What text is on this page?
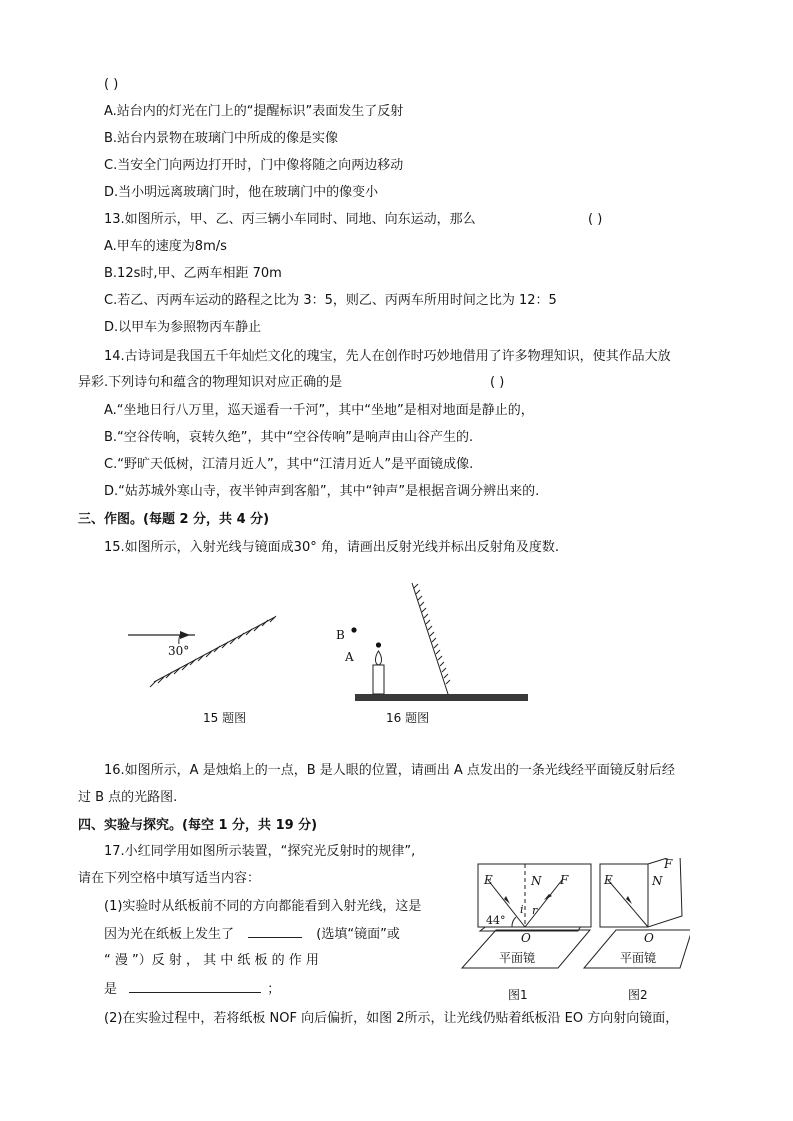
( )
A.站台内的灯光在门上的“提醒标识”表面发生了反射
B.站台内景物在玻璃门中所成的像是实像
C.当安全门向两边打开时，门中像将随之向两边移动
D.当小明远离玻璃门时，他在玻璃门中的像变小
13.如图所示，甲、乙、丙三辆小车同时、同地、向东运动，那么	( )
A.甲车的速度为8m/s
B.12s时,甲、乙两车相距 70m
C.若乙、丙两车运动的路程之比为 3：5，则乙、丙两车所用时间之比为 12：5
D.以甲车为参照物丙车静止
14.古诗词是我国五千年灿烂文化的瑰宝，先人在创作时巧妙地借用了许多物理知识，使其作品大放
异彩.下列诗句和蕴含的物理知识对应正确的是	( )
A.“坐地日行八万里，巡天遥看一千河”，其中“坐地”是相对地面是静止的，
B.“空谷传响，哀转久绝”，其中“空谷传响”是响声由山谷产生的.
C.“野旷天低树，江清月近人”，其中“江清月近人”是平面镜成像.
D.“姑苏城外寒山寺，夜半钟声到客船”，其中“钟声”是根据音调分辨出来的.
三、作图。(每题 2 分，共 4 分)
15.如图所示，入射光线与镜面成30° 角，请画出反射光线并标出反射角及度数.
30°
15 题图
B
A
16 题图
16.如图所示，A 是烛焰上的一点，B 是人眼的位置，请画出 A 点发出的一条光线经平面镜反射后经
过 B 点的光路图.
四、实验与探究。(每空 1 分，共 19 分)
17.小红同学用如图所示装置，“探究光反射时的规律”,
请在下列空格中填写适当内容：
(1)实验时从纸板前不同的方向都能看到入射光线，这是
因为光在纸板上发生了	(选填“镜面”或
“ 漫 ”）反 射 ， 其 中 纸 板 的 作 用
是	；
(2)在实验过程中，若将纸板 NOF 向后偏折，如图 2所示，让光线仍贴着纸板沿 EO 方向射向镜面，
E	N F
i r
44°
O
平面镜
图1
E	N
F
O
平面镜
图2
